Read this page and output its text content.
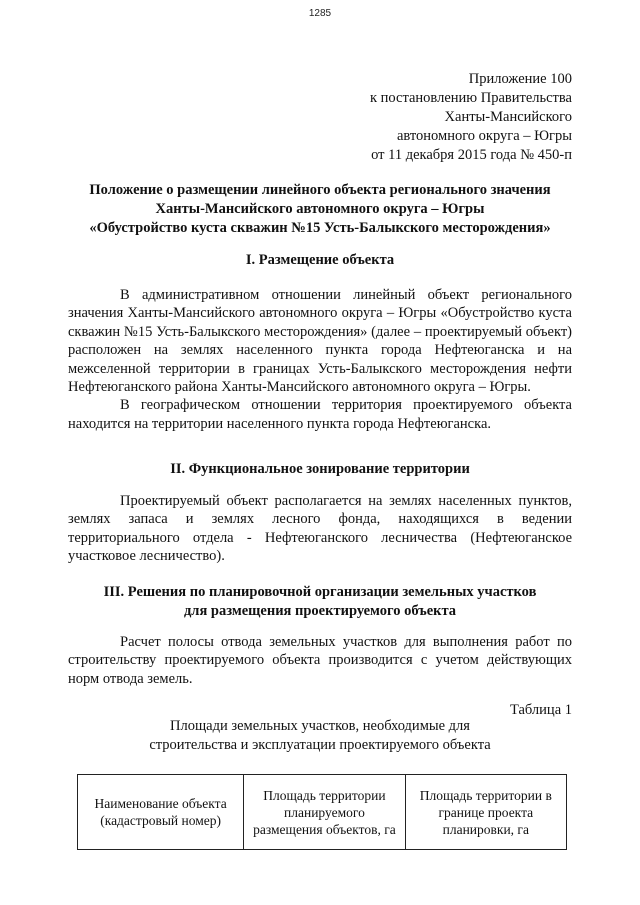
1285
Приложение 100
к постановлению Правительства
Ханты-Мансийского
автономного округа – Югры
от 11 декабря 2015 года № 450-п
Положение о размещении линейного объекта регионального значения
Ханты-Мансийского автономного округа – Югры
«Обустройство куста скважин №15 Усть-Балыкского месторождения»
I. Размещение объекта

В административном отношении линейный объект регионального значения Ханты-Мансийского автономного округа – Югры «Обустройство куста скважин №15 Усть-Балыкского месторождения» (далее – проектируемый объект) расположен на землях населенного пункта города Нефтеюганска и на межселенной территории в границах Усть-Балыкского месторождения нефти Нефтеюганского района Ханты-Мансийского автономного округа – Югры.

В географическом отношении территория проектируемого объекта находится на территории населенного пункта города Нефтеюганска.

II. Функциональное зонирование территории

Проектируемый объект располагается на землях населенных пунктов, землях запаса и землях лесного фонда, находящихся в ведении территориального отдела - Нефтеюганского лесничества (Нефтеюганское участковое лесничество).

III. Решения по планировочной организации земельных участков
для размещения проектируемого объекта

Расчет полосы отвода земельных участков для выполнения работ по строительству проектируемого объекта производится с учетом действующих норм отвода земель.

Таблица 1
Площади земельных участков, необходимые для
строительства и эксплуатации проектируемого объекта
Наименование объекта (кадастровый номер)	Площадь территории планируемого размещения объектов, га	Площадь территории в границе проекта планировки, га
